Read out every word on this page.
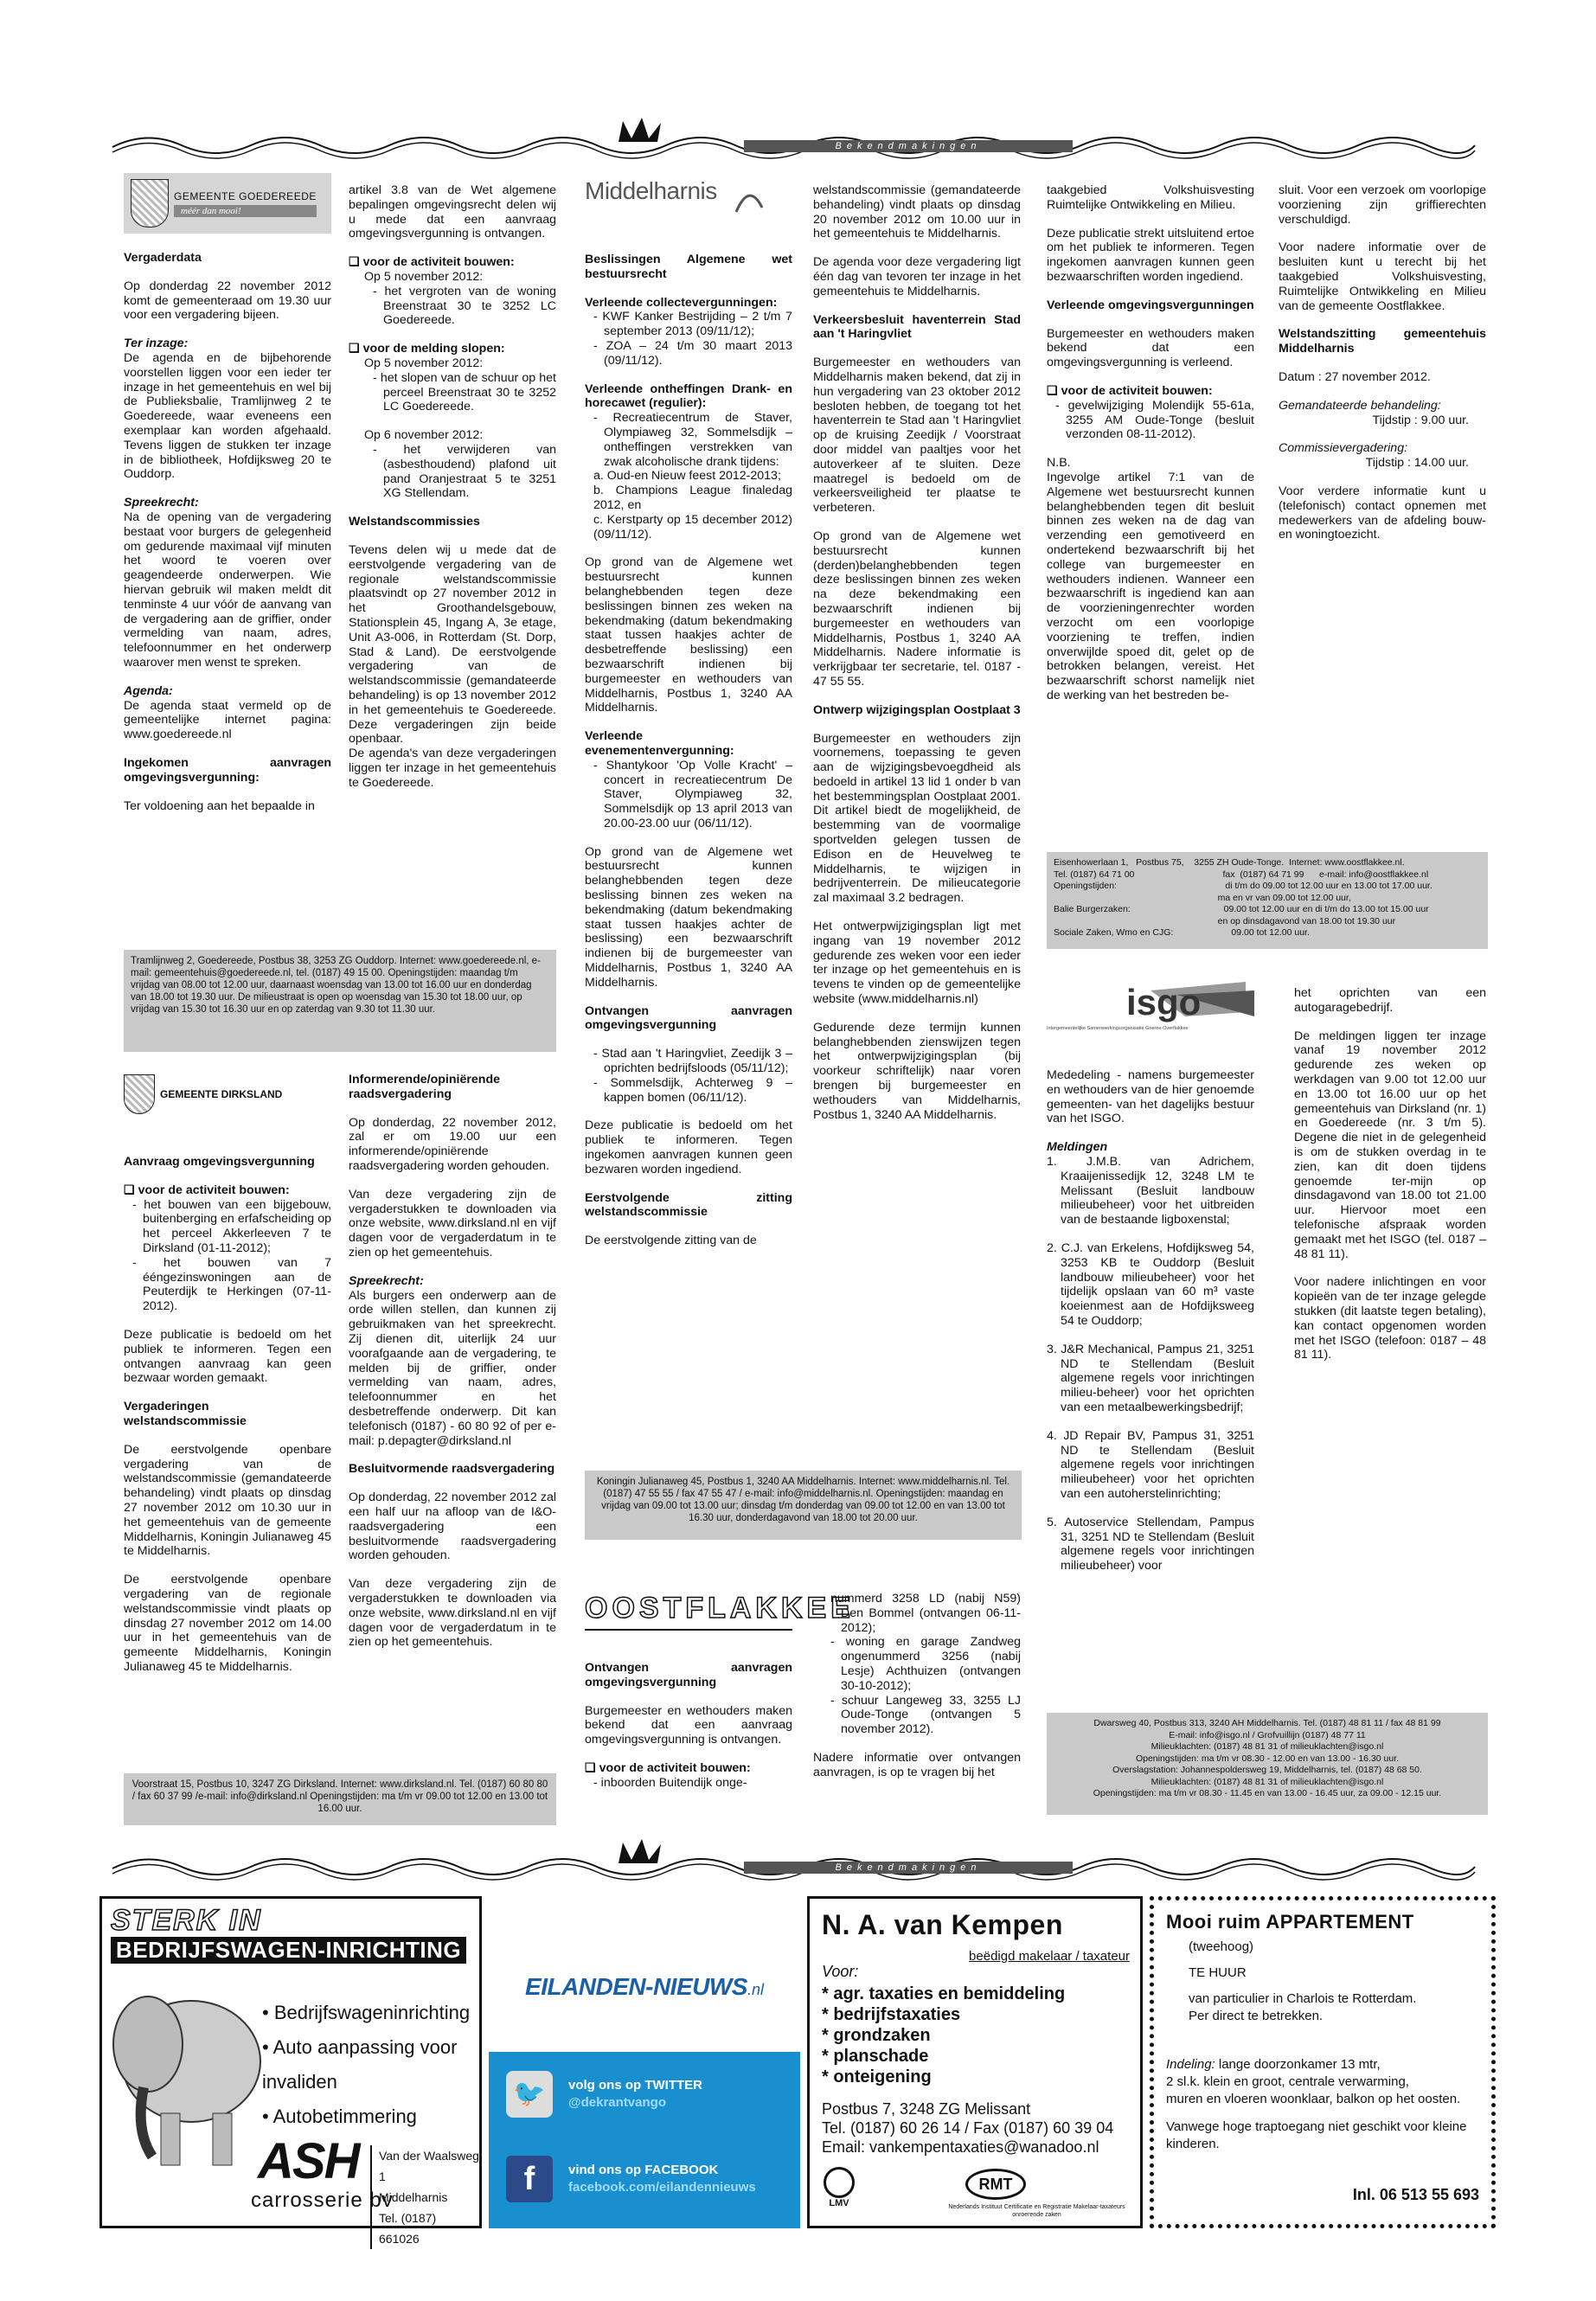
Bekendmakingen
GEMEENTE GOEDEREEDE
méér dan mooi!
Vergaderdata

Op donderdag 22 november 2012 komt de gemeenteraad om 19.30 uur voor een vergadering bijeen.

Ter inzage:

De agenda en de bijbehorende voorstellen liggen voor een ieder ter inzage in het gemeentehuis en wel bij de Publieksbalie, Tramlijnweg 2 te Goedereede, waar eveneens een exemplaar kan worden afgehaald. Tevens liggen de stukken ter inzage in de bibliotheek, Hofdijksweg 20 te Ouddorp.

Spreekrecht:

Na de opening van de vergadering bestaat voor burgers de gelegenheid om gedurende maximaal vijf minuten het woord te voeren over geagendeerde onderwerpen. Wie hiervan gebruik wil maken meldt dit tenminste 4 uur vóór de aanvang van de vergadering aan de griffier, onder vermelding van naam, adres, telefoonnummer en het onderwerp waarover men wenst te spreken.

Agenda:

De agenda staat vermeld op de gemeentelijke internet pagina: www.goedereede.nl

Ingekomen aanvragen omgevingsvergunning:

Ter voldoening aan het bepaalde in

artikel 3.8 van de Wet algemene bepalingen omgevingsrecht delen wij u mede dat een aanvraag omgevingsvergunning is ontvangen.

❑ voor de activiteit bouwen:
Op 5 november 2012:
- het vergroten van de woning Breenstraat 30 te 3252 LC Goedereede.
❑ voor de melding slopen:
Op 5 november 2012:
- het slopen van de schuur op het perceel Breenstraat 30 te 3252 LC Goedereede.
Op 6 november 2012:
- het verwijderen van (asbesthoudend) plafond uit pand Oranjestraat 5 te 3251 XG Stellendam.
Welstandscommissies

Tevens delen wij u mede dat de eerstvolgende vergadering van de regionale welstandscommissie plaatsvindt op 27 november 2012 in het Groothandelsgebouw, Stationsplein 45, Ingang A, 3e etage, Unit A3-006, in Rotterdam (St. Dorp, Stad & Land). De eerstvolgende vergadering van de welstandscommissie (gemandateerde behandeling) is op 13 november 2012 in het gemeentehuis te Goedereede. Deze vergaderingen zijn beide openbaar.

De agenda's van deze vergaderingen liggen ter inzage in het gemeentehuis te Goedereede.

Tramlijnweg 2, Goedereede, Postbus 38, 3253 ZG Ouddorp. Internet: www.goedereede.nl, e-mail: gemeentehuis@goedereede.nl, tel. (0187) 49 15 00. Openingstijden: maandag t/m vrijdag van 08.00 tot 12.00 uur, daarnaast woensdag van 13.00 tot 16.00 uur en donderdag van 18.00 tot 19.30 uur. De milieustraat is open op woensdag van 15.30 tot 18.00 uur, op vrijdag van 15.30 tot 16.30 uur en op zaterdag van 9.30 tot 11.30 uur.
GEMEENTE DIRKSLAND
Aanvraag omgevingsvergunning
❑ voor de activiteit bouwen:
- het bouwen van een bijgebouw, buitenberging en erfafscheiding op het perceel Akkerleeven 7 te Dirksland (01-11-2012);
- het bouwen van 7 ééngezinswoningen aan de Peuterdijk te Herkingen (07-11-2012).

Deze publicatie is bedoeld om het publiek te informeren. Tegen een ontvangen aanvraag kan geen bezwaar worden gemaakt.

Vergaderingen welstandscommissie

De eerstvolgende openbare vergadering van de welstandscommissie (gemandateerde behandeling) vindt plaats op dinsdag 27 november 2012 om 10.30 uur in het gemeentehuis van de gemeente Middelharnis, Koningin Julianaweg 45 te Middelharnis.

De eerstvolgende openbare vergadering van de regionale welstandscommissie vindt plaats op dinsdag 27 november 2012 om 14.00 uur in het gemeentehuis van de gemeente Middelharnis, Koningin Julianaweg 45 te Middelharnis.

Informerende/opiniërende raadsvergadering

Op donderdag, 22 november 2012, zal er om 19.00 uur een informerende/opiniërende raadsvergadering worden gehouden.

Van deze vergadering zijn de vergaderstukken te downloaden via onze website, www.dirksland.nl en vijf dagen voor de vergaderdatum in te zien op het gemeentehuis.

Spreekrecht:

Als burgers een onderwerp aan de orde willen stellen, dan kunnen zij gebruikmaken van het spreekrecht. Zij dienen dit, uiterlijk 24 uur voorafgaande aan de vergadering, te melden bij de griffier, onder vermelding van naam, adres, telefoonnummer en het desbetreffende onderwerp. Dit kan telefonisch (0187) - 60 80 92 of per e-mail: p.depagter@dirksland.nl

Besluitvormende raadsvergadering

Op donderdag, 22 november 2012 zal een half uur na afloop van de I&O-raadsvergadering een besluitvormende raadsvergadering worden gehouden.

Van deze vergadering zijn de vergaderstukken te downloaden via onze website, www.dirksland.nl en vijf dagen voor de vergaderdatum in te zien op het gemeentehuis.

Voorstraat 15, Postbus 10, 3247 ZG Dirksland. Internet: www.dirksland.nl. Tel. (0187) 60 80 80 / fax 60 37 99 /e-mail: info@dirksland.nl Openingstijden: ma t/m vr 09.00 tot 12.00 en 13.00 tot 16.00 uur.
Middelharnis
Beslissingen Algemene wet bestuursrecht
Verleende collectevergunningen:
- KWF Kanker Bestrijding – 2 t/m 7 september 2013 (09/11/12);
- ZOA – 24 t/m 30 maart 2013 (09/11/12).
Verleende ontheffingen Drank- en horecawet (regulier):
- Recreatiecentrum de Staver, Olympiaweg 32, Sommelsdijk – ontheffingen verstrekken van zwak alcoholische drank tijdens:
a. Oud-en Nieuw feest 2012-2013;
b. Champions League finaledag 2012, en
c. Kerstparty op 15 december 2012) (09/11/12).

Op grond van de Algemene wet bestuursrecht kunnen belanghebbenden tegen deze beslissingen binnen zes weken na bekendmaking (datum bekendmaking staat tussen haakjes achter de desbetreffende beslissing) een bezwaarschrift indienen bij burgemeester en wethouders van Middelharnis, Postbus 1, 3240 AA Middelharnis.

Verleende evenementenvergunning:
- Shantykoor 'Op Volle Kracht' – concert in recreatiecentrum De Staver, Olympiaweg 32, Sommelsdijk op 13 april 2013 van 20.00-23.00 uur (06/11/12).

Op grond van de Algemene wet bestuursrecht kunnen belanghebbenden tegen deze beslissing binnen zes weken na bekendmaking (datum bekendmaking staat tussen haakjes achter de beslissing) een bezwaarschrift indienen bij de burgemeester van Middelharnis, Postbus 1, 3240 AA Middelharnis.

Ontvangen aanvragen omgevingsvergunning
- Stad aan 't Haringvliet, Zeedijk 3 – oprichten bedrijfsloods (05/11/12);
- Sommelsdijk, Achterweg 9 – kappen bomen (06/11/12).

Deze publicatie is bedoeld om het publiek te informeren. Tegen ingekomen aanvragen kunnen geen bezwaren worden ingediend.

Eerstvolgende zitting welstandscommissie

De eerstvolgende zitting van de

welstandscommissie (gemandateerde behandeling) vindt plaats op dinsdag 20 november 2012 om 10.00 uur in het gemeentehuis te Middelharnis.

De agenda voor deze vergadering ligt één dag van tevoren ter inzage in het gemeentehuis te Middelharnis.

Verkeersbesluit haventerrein Stad aan 't Haringvliet

Burgemeester en wethouders van Middelharnis maken bekend, dat zij in hun vergadering van 23 oktober 2012 besloten hebben, de toegang tot het haventerrein te Stad aan 't Haringvliet op de kruising Zeedijk / Voorstraat door middel van paaltjes voor het autoverkeer af te sluiten. Deze maatregel is bedoeld om de verkeersveiligheid ter plaatse te verbeteren.

Op grond van de Algemene wet bestuursrecht kunnen (derden)belanghebbenden tegen deze beslissingen binnen zes weken na deze bekendmaking een bezwaarschrift indienen bij burgemeester en wethouders van Middelharnis, Postbus 1, 3240 AA Middelharnis. Nadere informatie is verkrijgbaar ter secretarie, tel. 0187 - 47 55 55.

Ontwerp wijzigingsplan Oostplaat 3

Burgemeester en wethouders zijn voornemens, toepassing te geven aan de wijzigingsbevoegdheid als bedoeld in artikel 13 lid 1 onder b van het bestemmingsplan Oostplaat 2001. Dit artikel biedt de mogelijkheid, de bestemming van de voormalige sportvelden gelegen tussen de Edison en de Heuvelweg te Middelharnis, te wijzigen in bedrijventerrein. De milieucategorie zal maximaal 3.2 bedragen.

Het ontwerpwijzigingsplan ligt met ingang van 19 november 2012 gedurende zes weken voor een ieder ter inzage op het gemeentehuis en is tevens te vinden op de gemeentelijke website (www.middelharnis.nl)

Gedurende deze termijn kunnen belanghebbenden zienswijzen tegen het ontwerpwijzigingsplan (bij voorkeur schriftelijk) naar voren brengen bij burgemeester en wethouders van Middelharnis, Postbus 1, 3240 AA Middelharnis.

Koningin Julianaweg 45, Postbus 1, 3240 AA Middelharnis. Internet: www.middelharnis.nl. Tel. (0187) 47 55 55 / fax 47 55 47 / e-mail: info@middelharnis.nl. Openingstijden: maandag en vrijdag van 09.00 tot 13.00 uur; dinsdag t/m donderdag van 09.00 tot 12.00 en van 13.00 tot 16.30 uur, donderdagavond van 18.00 tot 20.00 uur.
OOSTFLAKKEE
Ontvangen aanvragen omgevingsvergunning

Burgemeester en wethouders maken bekend dat een aanvraag omgevingsvergunning is ontvangen.

❑ voor de activiteit bouwen:
- inboorden Buitendijk onge-
nummerd 3258 LD (nabij N59) Den Bommel (ontvangen 06-11-2012);
- woning en garage Zandweg ongenummerd 3256 (nabij Lesje) Achthuizen (ontvangen 30-10-2012);
- schuur Langeweg 33, 3255 LJ Oude-Tonge (ontvangen 5 november 2012).

Nadere informatie over ontvangen aanvragen, is op te vragen bij het

taakgebied Volkshuisvesting Ruimtelijke Ontwikkeling en Milieu.

Deze publicatie strekt uitsluitend ertoe om het publiek te informeren. Tegen ingekomen aanvragen kunnen geen bezwaarschriften worden ingediend.

Verleende omgevingsvergunningen

Burgemeester en wethouders maken bekend dat een omgevingsvergunning is verleend.

❑ voor de activiteit bouwen:
- gevelwijziging Molendijk 55-61a, 3255 AM Oude-Tonge (besluit verzonden 08-11-2012).
N.B.

Ingevolge artikel 7:1 van de Algemene wet bestuursrecht kunnen belanghebbenden tegen dit besluit binnen zes weken na de dag van verzending een gemotiveerd en ondertekend bezwaarschrift bij het college van burgemeester en wethouders indienen. Wanneer een bezwaarschrift is ingediend kan aan de voorzieningenrechter worden verzocht om een voorlopige voorziening te treffen, indien onverwijlde spoed dit, gelet op de betrokken belangen, vereist. Het bezwaarschrift schorst namelijk niet de werking van het bestreden be-

sluit. Voor een verzoek om voorlopige voorziening zijn griffierechten verschuldigd.

Voor nadere informatie over de besluiten kunt u terecht bij het taakgebied Volkshuisvesting, Ruimtelijke Ontwikkeling en Milieu van de gemeente Oostflakkee.

Welstandszitting gemeentehuis Middelharnis

Datum : 27 november 2012.

Gemandateerde behandeling:
Tijdstip : 9.00 uur.
Commissievergadering:
Tijdstip : 14.00 uur.

Voor verdere informatie kunt u (telefonisch) contact opnemen met medewerkers van de afdeling bouw- en woningtoezicht.

Eisenhowerlaan 1,   Postbus 75,    3255 ZH Oude-Tonge.  Internet: www.oostflakkee.nl.
Tel. (0187) 64 71 00                                   fax  (0187) 64 71 99      e-mail: info@oostflakkee.nl
Openingstijden:                                           di t/m do 09.00 tot 12.00 uur en 13.00 tot 17.00 uur.
ma en vr van 09.00 tot 12.00 uur,
Balie Burgerzaken:                                     09.00 tot 12.00 uur en di t/m do 13.00 tot 15.00 uur
en op dinsdagavond van 18.00 tot 19.30 uur
Sociale Zaken, Wmo en CJG:                       09.00 tot 12.00 uur.
isgo
Intergemeentelijke Samenwerkingsorganisatie Goeree-Overflakkee

Mededeling - namens burgemeester en wethouders van de hier genoemde gemeenten- van het dagelijks bestuur van het ISGO.

Meldingen

1. J.M.B. van Adrichem, Kraaijenissedijk 12, 3248 LM te Melissant (Besluit landbouw milieubeheer) voor het uitbreiden van de bestaande ligboxenstal;

2. C.J. van Erkelens, Hofdijksweg 54, 3253 KB te Ouddorp (Besluit landbouw milieubeheer) voor het tijdelijk opslaan van 60 m³ vaste koeienmest aan de Hofdijksweeg 54 te Ouddorp;

3. J&R Mechanical, Pampus 21, 3251 ND te Stellendam (Besluit algemene regels voor inrichtingen milieu-beheer) voor het oprichten van een metaalbewerkingsbedrijf;

4. JD Repair BV, Pampus 31, 3251 ND te Stellendam (Besluit algemene regels voor inrichtingen milieubeheer) voor het oprichten van een autoherstelinrichting;

5. Autoservice Stellendam, Pampus 31, 3251 ND te Stellendam (Besluit algemene regels voor inrichtingen milieubeheer) voor

het oprichten van een autogaragebedrijf.

De meldingen liggen ter inzage vanaf 19 november 2012 gedurende zes weken op werkdagen van 9.00 tot 12.00 uur en 13.00 tot 16.00 uur op het gemeentehuis van Dirksland (nr. 1) en Goedereede (nr. 3 t/m 5). Degene die niet in de gelegenheid is om de stukken overdag in te zien, kan dit doen tijdens genoemde ter-mijn op dinsdagavond van 18.00 tot 21.00 uur. Hiervoor moet een telefonische afspraak worden gemaakt met het ISGO (tel. 0187 – 48 81 11).

Voor nadere inlichtingen en voor kopieën van de ter inzage gelegde stukken (dit laatste tegen betaling), kan contact opgenomen worden met het ISGO (telefoon: 0187 – 48 81 11).

Dwarsweg 40, Postbus 313, 3240 AH Middelharnis. Tel. (0187) 48 81 11 / fax 48 81 99
E-mail: info@isgo.nl / Grofvuillijn (0187) 48 77 11
Milieuklachten: (0187) 48 81 31 of milieuklachten@isgo.nl
Openingstijden: ma t/m vr 08.30 - 12.00 en van 13.00 - 16.30 uur.
Overslagstation: Johannespoldersweg 19, Middelharnis, tel. (0187) 48 68 50.
Milieuklachten: (0187) 48 81 31 of milieuklachten@isgo.nl
Openingstijden: ma t/m vr 08.30 - 11.45 en van 13.00 - 16.45 uur, za 09.00 - 12.15 uur.
Bekendmakingen
STERK IN
BEDRIJFSWAGEN-INRICHTING
• Bedrijfswageninrichting
• Auto aanpassing voor invaliden
• Autobetimmering
ASH
carrosserie bv
Van der Waalsweg 1
Middelharnis
Tel. (0187) 661026
EILANDEN-NIEUWS.nl
🐦	volg ons op TWITTER
@dekrantvango
f	vind ons op FACEBOOK
facebook.com/eilandennieuws
N. A. van Kempen
beëdigd makelaar / taxateur
Voor:
* agr. taxaties en bemiddeling
* bedrijfstaxaties
* grondzaken
* planschade
* onteigening
Postbus 7, 3248 ZG Melissant
Tel. (0187) 60 26 14 / Fax (0187) 60 39 04
Email: vankempentaxaties@wanadoo.nl
LMV
RMT
Nederlands Instituut Certificatie en Registratie Makelaar-taxateurs onroerende zaken
Mooi ruim APPARTEMENT
(tweehoog)
TE HUUR
van particulier in Charlois te Rotterdam.
Per direct te betrekken.
Indeling: lange doorzonkamer 13 mtr,
2 sl.k. klein en groot, centrale verwarming,
muren en vloeren woonklaar, balkon op het oosten.
Vanwege hoge traptoegang niet geschikt voor kleine kinderen.
Inl. 06 513 55 693
